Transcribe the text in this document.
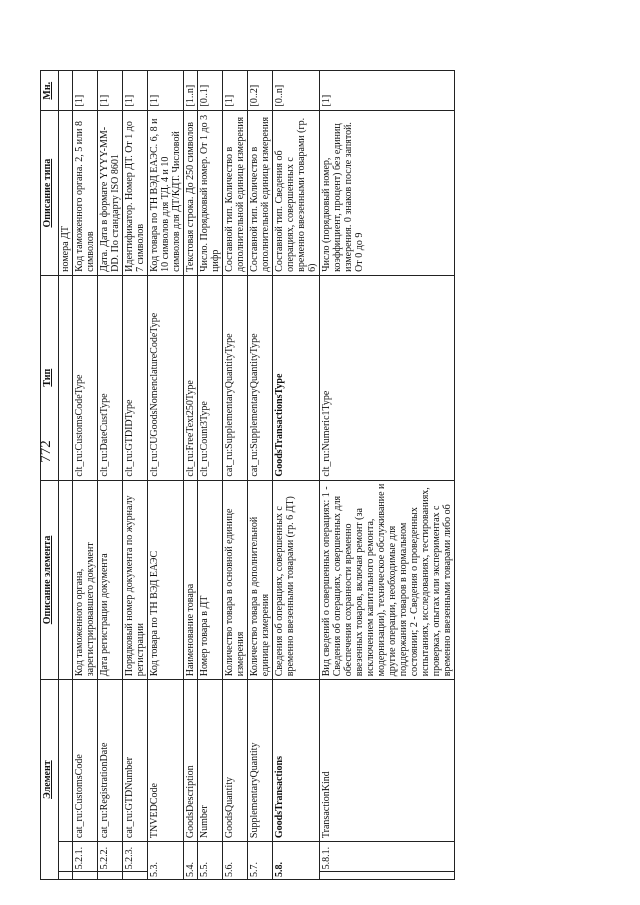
772
Элемент			Описание элемента	Тип	Описание типа	Мн.
					номера ДТ	
	5.2.1.	cat_ru:CustomsCode	Код таможенного органа, зарегистрировавшего документ	clt_ru:CustomsCodeType	Код таможенного органа. 2, 5 или 8 символов	[1]
	5.2.2.	cat_ru:RegistrationDate	Дата регистрации документа	clt_ru:DateCustType	Дата. Дата в формате YYYY-MM-DD. По стандарту ISO 8601	[1]
	5.2.3.	cat_ru:GTDNumber	Порядковый номер документа по журналу регистрации	clt_ru:GTDIDType	Идентификатор. Номер ДТ. От 1 до 7 символов	[1]
5.3.		TNVEDCode	Код товара по ТН ВЭД ЕАЭС	clt_ru:CUGoodsNomenclatureCodeType	Код товара по ТН ВЭД ЕАЭС. 6, 8 и 10 символов для ТД. 4 и 10 символов для ДТ/КДТ. Числовой	[1]
5.4.		GoodsDescription	Наименование товара	clt_ru:FreeText250Type	Текстовая строка. До 250 символов	[1..n]
5.5.		Number	Номер товара в ДТ	clt_ru:Count3Type	Число. Порядковый номер. От 1 до 3 цифр	[0..1]
5.6.		GoodsQuantity	Количество товара в основной единице измерения	cat_ru:SupplementaryQuantityType	Составной тип. Количество в дополнительной единице измерения	[1]
5.7.		SupplementaryQuantity	Количество товара в дополнительной единице измерения	cat_ru:SupplementaryQuantityType	Составной тип. Количество в дополнительной единице измерения	[0..2]
5.8.		GoodsTransactions	Сведения об операциях, совершенных с временно ввезенными товарами (гр. 6 ДТ)	GoodsTransactionsType	Составной тип. Сведения об операциях, совершенных с временно ввезенными товарами (гр. 6)	[0..n]
	5.8.1.	TransactionKind	Вид сведений о совершенных операциях: 1 - Сведения об операциях, совершенных для обеспечения сохранности временно ввезенных товаров, включая ремонт (за исключением капитального ремонта, модернизации), техническое обслуживание и другие операции, необходимые для поддержания товаров в нормальном состоянии; 2 - Сведения о проведенных испытаниях, исследованиях, тестированиях, проверках, опытах или экспериментах с временно ввезенными товарами либо об	clt_ru:Numeric1Type	Число (порядковый номер, коэффициент, процент) без единиц измерения. 0 знаков после запятой. От 0 до 9	[1]
